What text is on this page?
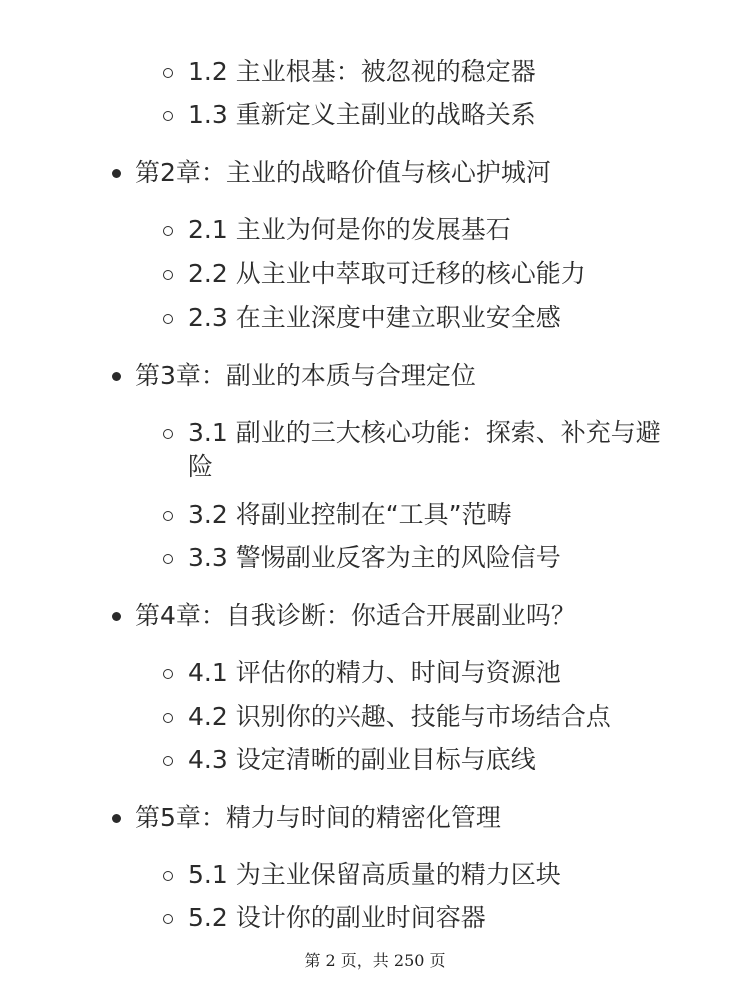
1.2 主业根基：被忽视的稳定器
1.3 重新定义主副业的战略关系
第2章：主业的战略价值与核心护城河
2.1 主业为何是你的发展基石
2.2 从主业中萃取可迁移的核心能力
2.3 在主业深度中建立职业安全感
第3章：副业的本质与合理定位
3.1 副业的三大核心功能：探索、补充与避险
3.2 将副业控制在“工具”范畴
3.3 警惕副业反客为主的风险信号
第4章：自我诊断：你适合开展副业吗？
4.1 评估你的精力、时间与资源池
4.2 识别你的兴趣、技能与市场结合点
4.3 设定清晰的副业目标与底线
第5章：精力与时间的精密化管理
5.1 为主业保留高质量的精力区块
5.2 设计你的副业时间容器
第 2 页，共 250 页
